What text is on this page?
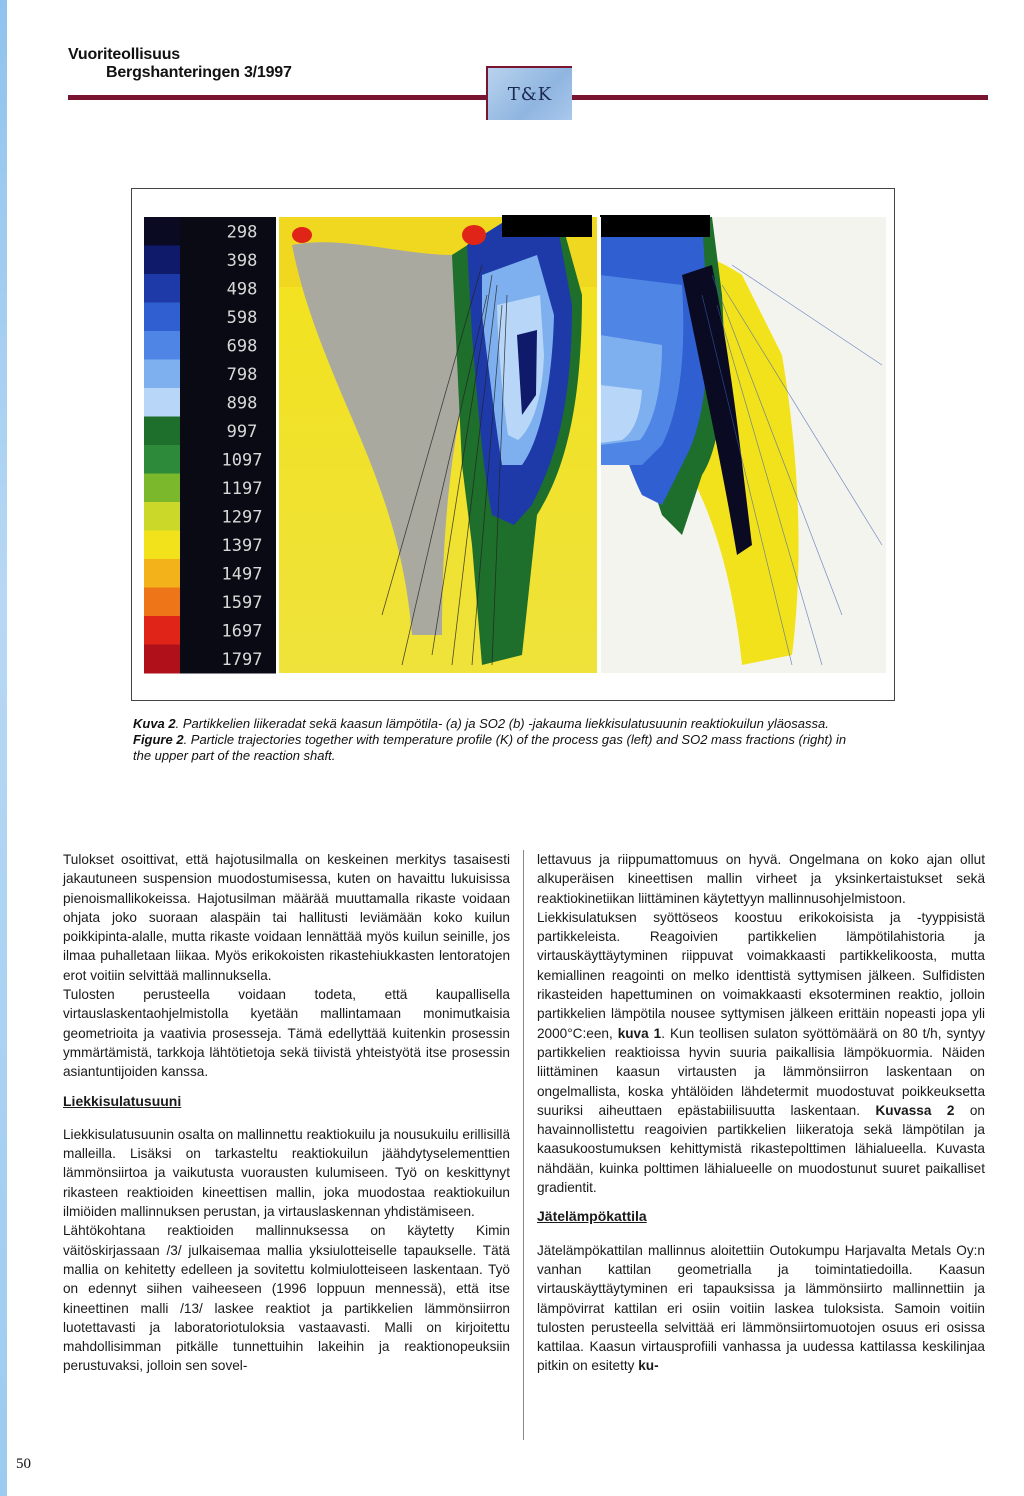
Vuoriteollisuus
Bergshanteringen 3/1997
T&K
298
398
498
598
698
798
898
997
1097
1197
1297
1397
1497
1597
1697
1797
Kuva 2. Partikkelien liikeradat sekä kaasun lämpötila- (a) ja SO2 (b) -jakauma liekkisulatusuunin reaktiokuilun yläosassa.
Figure 2. Particle trajectories together with temperature profile (K) of the process gas (left) and SO2 mass fractions (right) in the upper part of the reaction shaft.

Tulokset osoittivat, että hajotusilmalla on keskeinen merkitys tasaisesti jakautuneen suspension muodostumisessa, kuten on havaittu lukuisissa pienoismallikokeissa. Hajotusilman määrää muuttamalla rikaste voidaan ohjata joko suoraan alaspäin tai hallitusti leviämään koko kuilun poikkipinta-alalle, mutta rikaste voidaan lennättää myös kuilun seinille, jos ilmaa puhalletaan liikaa. Myös erikokoisten rikastehiukkasten lentoratojen erot voitiin selvittää mallinnuksella.

Tulosten perusteella voidaan todeta, että kaupallisella virtauslaskentaohjelmistolla kyetään mallintamaan monimutkaisia geometrioita ja vaativia prosesseja. Tämä edellyttää kuitenkin prosessin ymmärtämistä, tarkkoja lähtötietoja sekä tiivistä yhteistyötä itse prosessin asiantuntijoiden kanssa.

Liekkisulatusuuni

Liekkisulatusuunin osalta on mallinnettu reaktiokuilu ja nousukuilu erillisillä malleilla. Lisäksi on tarkasteltu reaktiokuilun jäähdytyselementtien lämmönsiirtoa ja vaikutusta vuorausten kulumiseen. Työ on keskittynyt rikasteen reaktioiden kineettisen mallin, joka muodostaa reaktiokuilun ilmiöiden mallinnuksen perustan, ja virtauslaskennan yhdistämiseen.

Lähtökohtana reaktioiden mallinnuksessa on käytetty Kimin väitöskirjassaan /3/ julkaisemaa mallia yksiulotteiselle tapaukselle. Tätä mallia on kehitetty edelleen ja sovitettu kolmiulotteiseen laskentaan. Työ on edennyt siihen vaiheeseen (1996 loppuun mennessä), että itse kineettinen malli /13/ laskee reaktiot ja partikkelien lämmönsiirron luotettavasti ja laboratoriotuloksia vastaavasti. Malli on kirjoitettu mahdollisimman pitkälle tunnettuihin lakeihin ja reaktionopeuksiin perustuvaksi, jolloin sen sovel-

lettavuus ja riippumattomuus on hyvä. Ongelmana on koko ajan ollut alkuperäisen kineettisen mallin virheet ja yksinkertaistukset sekä reaktiokinetiikan liittäminen käytettyyn mallinnusohjelmistoon.

Liekkisulatuksen syöttöseos koostuu erikokoisista ja -tyyppisistä partikkeleista. Reagoivien partikkelien lämpötilahistoria ja virtauskäyttäytyminen riippuvat voimakkaasti partikkelikoosta, mutta kemiallinen reagointi on melko identtistä syttymisen jälkeen. Sulfidisten rikasteiden hapettuminen on voimakkaasti eksoterminen reaktio, jolloin partikkelien lämpötila nousee syttymisen jälkeen erittäin nopeasti jopa yli 2000°C:een, kuva 1. Kun teollisen sulaton syöttömäärä on 80 t/h, syntyy partikkelien reaktioissa hyvin suuria paikallisia lämpökuormia. Näiden liittäminen kaasun virtausten ja lämmönsiirron laskentaan on ongelmallista, koska yhtälöiden lähdetermit muodostuvat poikkeuksetta suuriksi aiheuttaen epästabiilisuutta laskentaan. Kuvassa 2 on havainnollistettu reagoivien partikkelien liikeratoja sekä lämpötilan ja kaasukoostumuksen kehittymistä rikastepolttimen lähialueella. Kuvasta nähdään, kuinka polttimen lähialueelle on muodostunut suuret paikalliset gradientit.

Jätelämpökattila

Jätelämpökattilan mallinnus aloitettiin Outokumpu Harjavalta Metals Oy:n vanhan kattilan geometrialla ja toimintatiedoilla. Kaasun virtauskäyttäytyminen eri tapauksissa ja lämmönsiirto mallinnettiin ja lämpövirrat kattilan eri osiin voitiin laskea tuloksista. Samoin voitiin tulosten perusteella selvittää eri lämmönsiirtomuotojen osuus eri osissa kattilaa. Kaasun virtausprofiili vanhassa ja uudessa kattilassa keskilinjaa pitkin on esitetty ku-

50
